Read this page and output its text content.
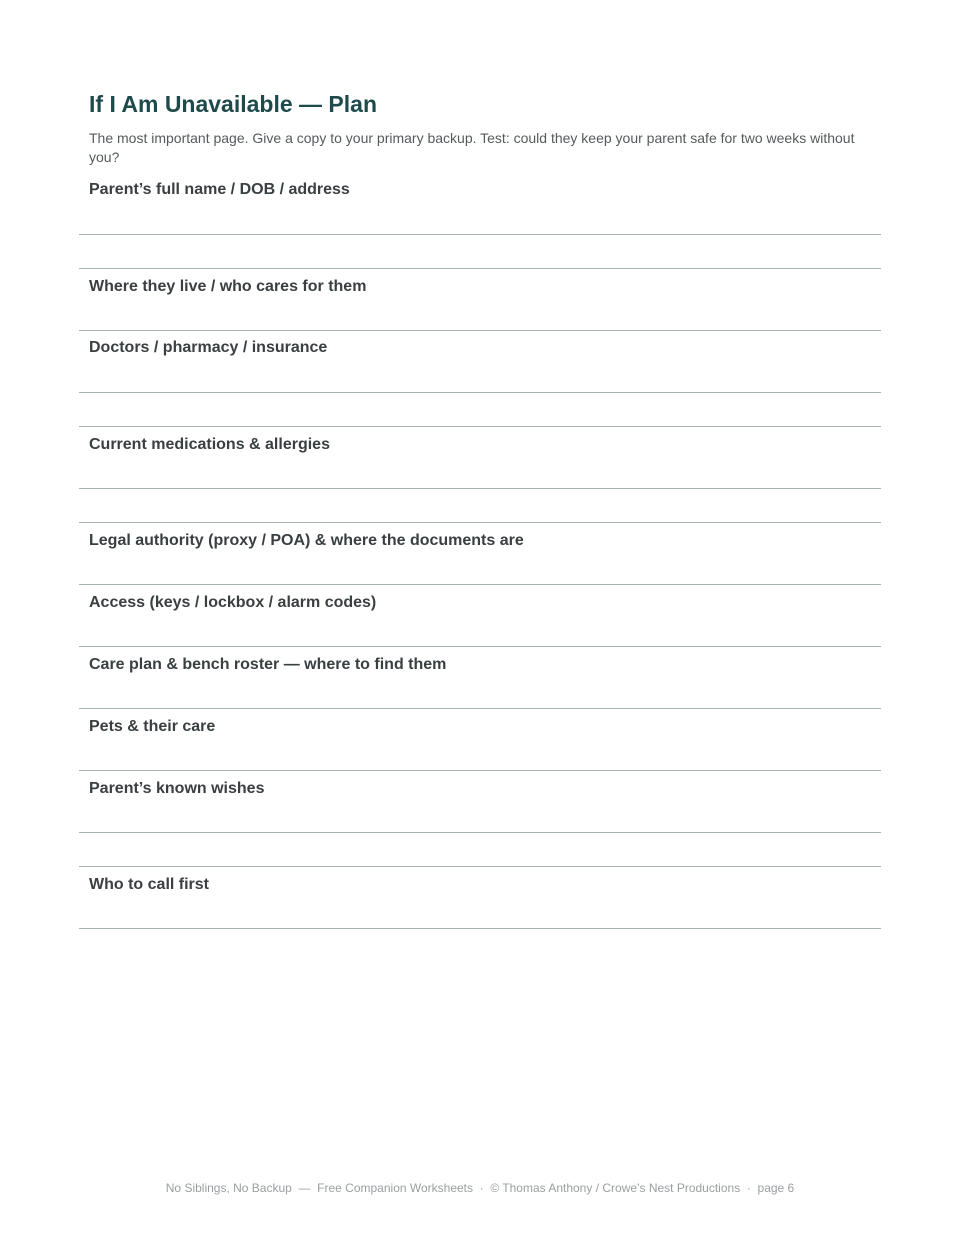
If I Am Unavailable — Plan

The most important page. Give a copy to your primary backup. Test: could they keep your parent safe for two weeks without you?

Parent’s full name / DOB / address
Where they live / who cares for them
Doctors / pharmacy / insurance
Current medications & allergies
Legal authority (proxy / POA) & where the documents are
Access (keys / lockbox / alarm codes)
Care plan & bench roster — where to find them
Pets & their care
Parent’s known wishes
Who to call first
No Siblings, No Backup  —  Free Companion Worksheets  ·  © Thomas Anthony / Crowe’s Nest Productions  ·  page 6
